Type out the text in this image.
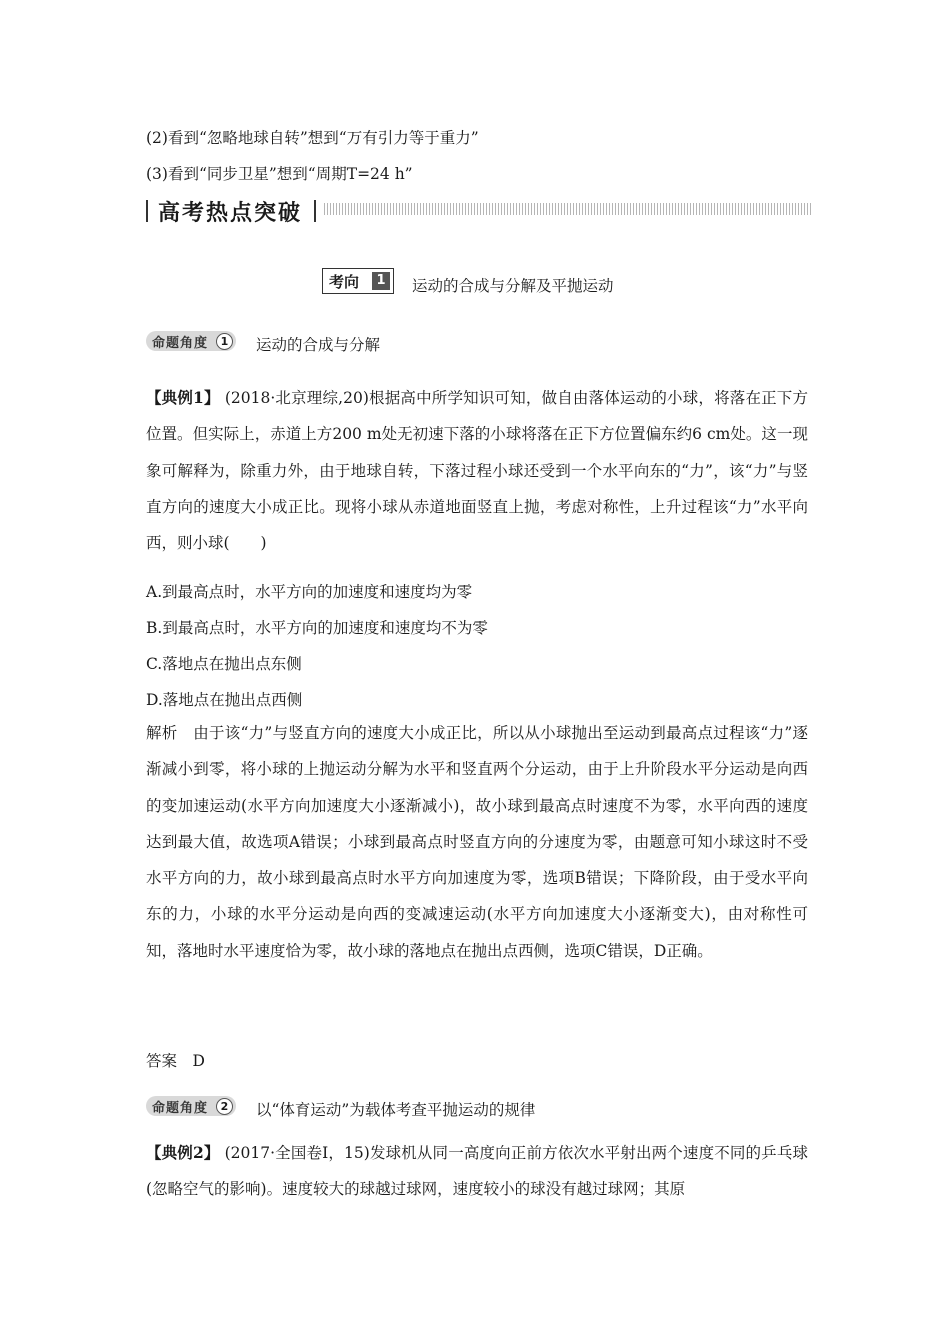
(2)看到“忽略地球自转”想到“万有引力等于重力”
(3)看到“同步卫星”想到“周期T=24 h”
高考热点突破
考向	1 运动的合成与分解及平抛运动
命题角度	1	运动的合成与分解
【典例1】 (2018·北京理综,20)根据高中所学知识可知，做自由落体运动的小球，将落在正下方位置。但实际上，赤道上方200 m处无初速下落的小球将落在正下方位置偏东约6 cm处。这一现象可解释为，除重力外，由于地球自转，下落过程小球还受到一个水平向东的“力”，该“力”与竖直方向的速度大小成正比。现将小球从赤道地面竖直上抛，考虑对称性，上升过程该“力”水平向西，则小球(　　)
A.到最高点时，水平方向的加速度和速度均为零
B.到最高点时，水平方向的加速度和速度均不为零
C.落地点在抛出点东侧
D.落地点在抛出点西侧
解析　 由于该“力”与竖直方向的速度大小成正比，所以从小球抛出至运动到最高点过程该“力”逐渐减小到零，将小球的上抛运动分解为水平和竖直两个分运动，由于上升阶段水平分运动是向西的变加速运动(水平方向加速度大小逐渐减小)，故小球到最高点时速度不为零，水平向西的速度达到最大值，故选项A错误；小球到最高点时竖直方向的分速度为零，由题意可知小球这时不受水平方向的力，故小球到最高点时水平方向加速度为零，选项B错误；下降阶段，由于受水平向东的力，小球的水平分运动是向西的变减速运动(水平方向加速度大小逐渐变大)，由对称性可知，落地时水平速度恰为零，故小球的落地点在抛出点西侧，选项C错误，D正确。
答案　 D
命题角度	2	以“体育运动”为载体考查平抛运动的规律
【典例2】 (2017·全国卷Ⅰ，15)发球机从同一高度向正前方依次水平射出两个速度不同的乒乓球(忽略空气的影响)。速度较大的球越过球网，速度较小的球没有越过球网；其原
